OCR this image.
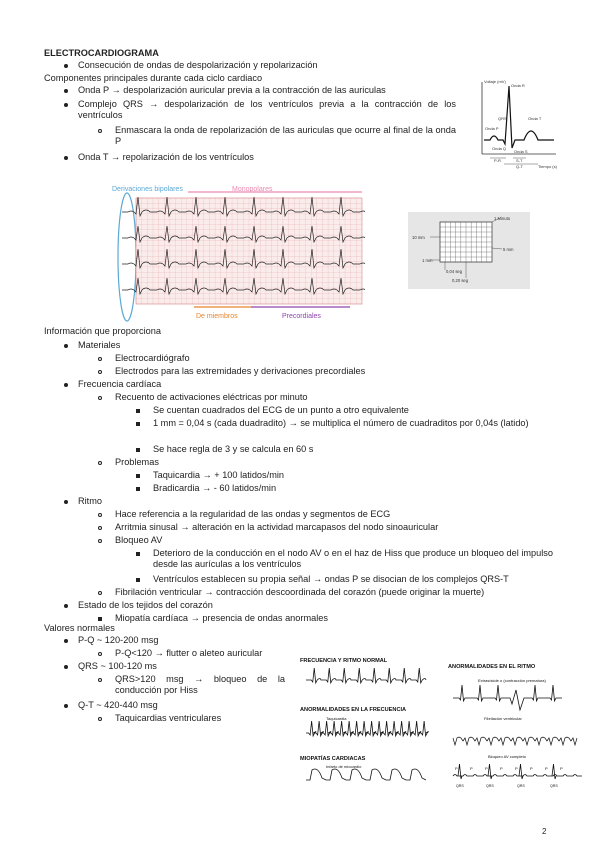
ELECTROCARDIOGRAMA
Consecución de ondas de despolarización y repolarización
Componentes principales durante cada ciclo cardiaco
Onda P → despolarización auricular previa a la contracción de las auriculas
Complejo QRS → despolarización de los ventrículos previa a la contracción de los ventrículos
Enmascara la onda de repolarización de las auriculas que ocurre al final de la onda P
Onda T → repolarización de los ventrículos
Voltaje (mV)
Onda R
Onda T
QRS
Onda P
Onda Q
Onda S
P-R	S-T
Q-T	Tiempo (s)
Derivaciones bipolares	Monopolares
De miembros	Precordiales
1 Minuto
5 mm
10 mm
1 mm
0,04 seg
0,20 seg
Información que proporciona
Materiales
Electrocardiógrafo
Electrodos para las extremidades y derivaciones precordiales
Frecuencia cardíaca
Recuento de activaciones eléctricas por minuto
Se cuentan cuadrados del ECG de un punto a otro equivalente
1 mm = 0,04 s (cada duadradito) → se multiplica el número de cuadraditos por 0,04s (latido)
Se hace regla de 3 y se calcula en 60 s
Problemas
Taquicardia → + 100 latidos/min
Bradicardia → - 60 latidos/min
Ritmo
Hace referencia a la regularidad de las ondas y segmentos de ECG
Arritmia sinusal → alteración en la actividad marcapasos del nodo sinoauricular
Bloqueo AV
Deterioro de la conducción en el nodo AV o en el haz de Hiss que produce un bloqueo del impulso desde las aurículas a los ventrículos
Ventrículos establecen su propia señal → ondas P se disocian de los complejos QRS-T
Fibrilación ventricular → contracción descoordinada del corazón (puede originar la muerte)
Estado de los tejidos del corazón
Miopatía cardíaca → presencia de ondas anormales
Valores normales
P-Q ~ 120-200 msg
P-Q<120 → flutter o aleteo auricular
QRS ~ 100-120 ms
QRS>120 msg → bloqueo de la conducción por Hiss
Q-T ~ 420-440 msg
Taquicardias ventriculares
FRECUENCIA Y RITMO NORMAL
ANORMALIDADES EN LA FRECUENCIA
Taquicardia
MIOPATÍAS CARDIACAS
Infarto de miocardio
ANORMALIDADES EN EL RITMO
Extrasístole o (contracción prematura)
Fibrilación ventricular
Bloqueo AV completo
P	P	P	P	P	P	P	P
QRS	QRS	QRS	QRS
2
